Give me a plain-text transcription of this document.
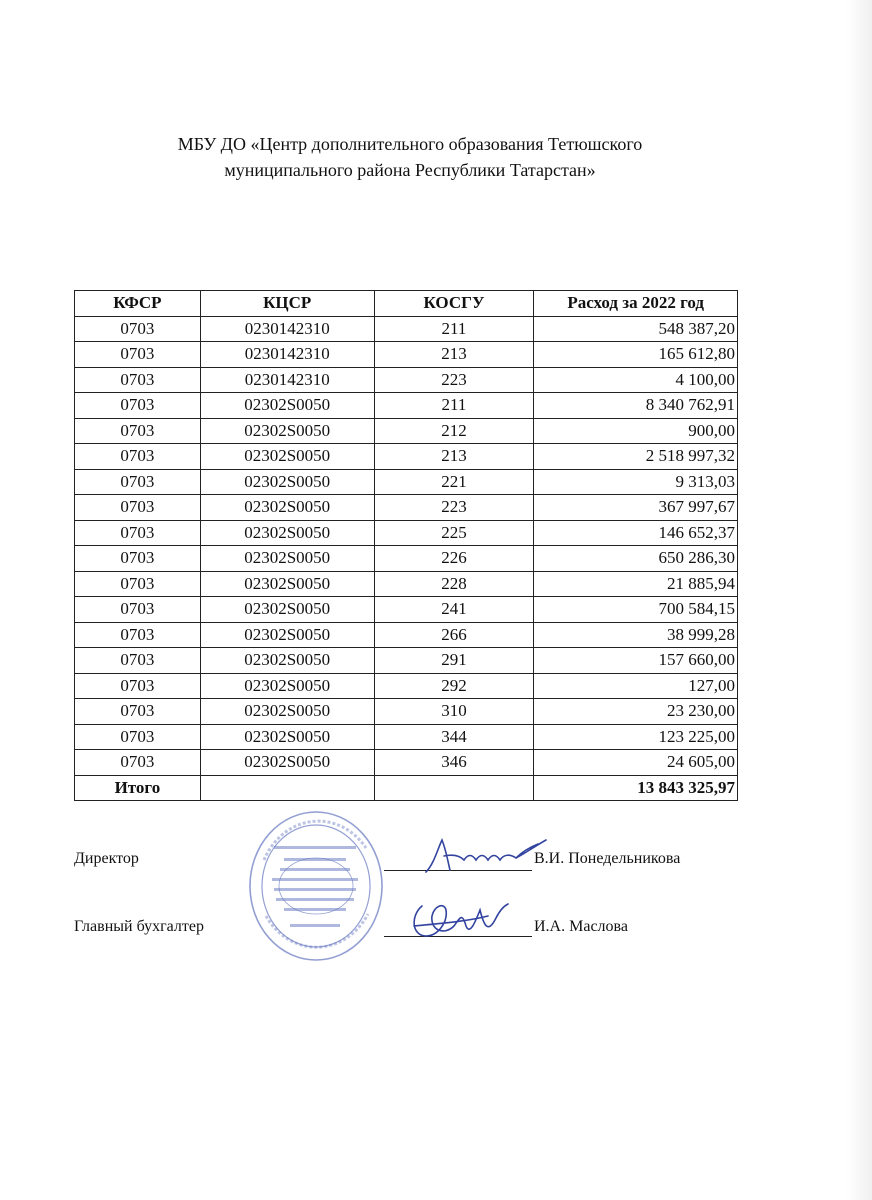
МБУ ДО «Центр дополнительного образования Тетюшского
муниципального района Республики Татарстан»
КФСР	КЦСР	КОСГУ	Расход за 2022 год
0703	0230142310	211	548 387,20
0703	0230142310	213	165 612,80
0703	0230142310	223	4 100,00
0703	02302S0050	211	8 340 762,91
0703	02302S0050	212	900,00
0703	02302S0050	213	2 518 997,32
0703	02302S0050	221	9 313,03
0703	02302S0050	223	367 997,67
0703	02302S0050	225	146 652,37
0703	02302S0050	226	650 286,30
0703	02302S0050	228	21 885,94
0703	02302S0050	241	700 584,15
0703	02302S0050	266	38 999,28
0703	02302S0050	291	157 660,00
0703	02302S0050	292	127,00
0703	02302S0050	310	23 230,00
0703	02302S0050	344	123 225,00
0703	02302S0050	346	24 605,00
Итого			13 843 325,97
Директор	В.И. Понедельникова
Главный бухгалтер	И.А. Маслова
